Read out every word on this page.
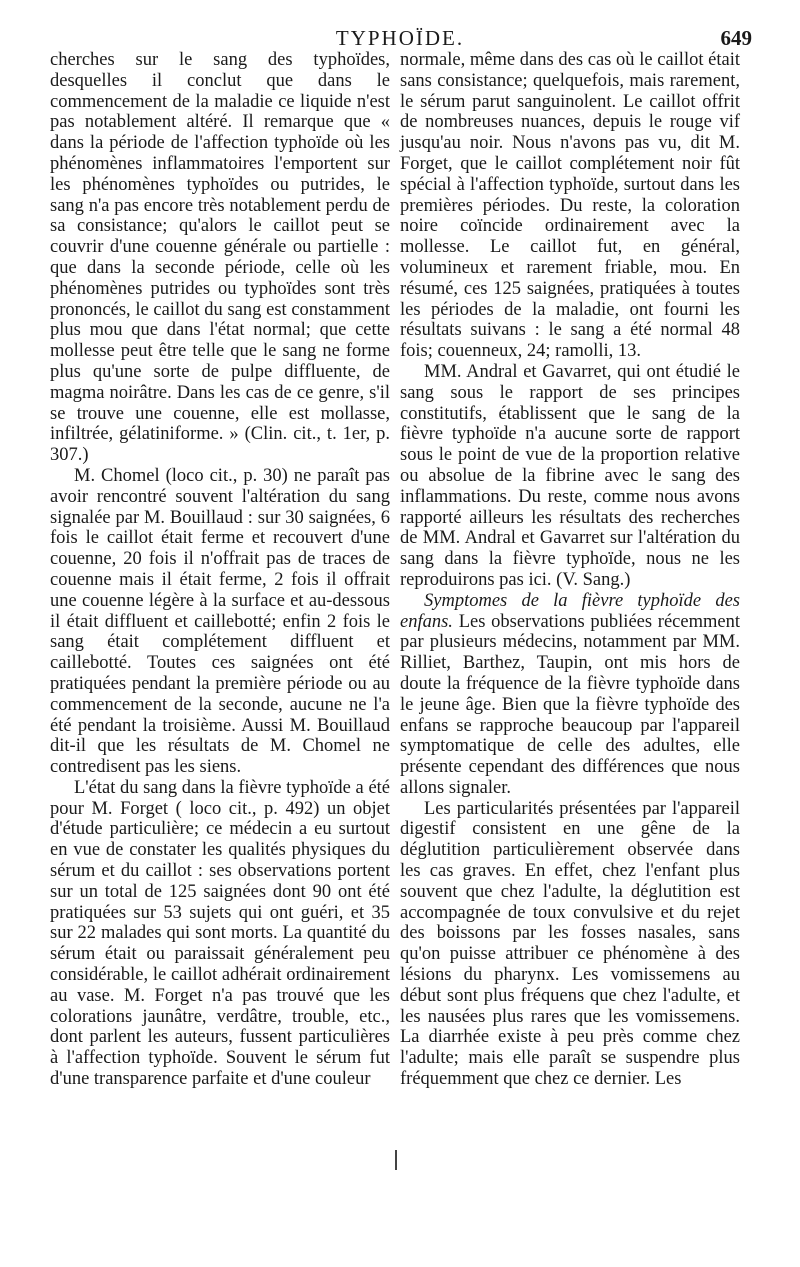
TYPHOÏDE.	649

cherches sur le sang des typhoïdes, desquelles il conclut que dans le commencement de la maladie ce liquide n'est pas notablement altéré. Il remarque que « dans la période de l'affection typhoïde où les phénomènes inflammatoires l'emportent sur les phénomènes typhoïdes ou putrides, le sang n'a pas encore très notablement perdu de sa consistance; qu'alors le caillot peut se couvrir d'une couenne générale ou partielle : que dans la seconde période, celle où les phénomènes putrides ou typhoïdes sont très prononcés, le caillot du sang est constamment plus mou que dans l'état normal; que cette mollesse peut être telle que le sang ne forme plus qu'une sorte de pulpe diffluente, de magma noirâtre. Dans les cas de ce genre, s'il se trouve une couenne, elle est mollasse, infiltrée, gélatiniforme. » (Clin. cit., t. 1er, p. 307.)

M. Chomel (loco cit., p. 30) ne paraît pas avoir rencontré souvent l'altération du sang signalée par M. Bouillaud : sur 30 saignées, 6 fois le caillot était ferme et recouvert d'une couenne, 20 fois il n'offrait pas de traces de couenne mais il était ferme, 2 fois il offrait une couenne légère à la surface et au-dessous il était diffluent et caillebotté; enfin 2 fois le sang était complétement diffluent et caillebotté. Toutes ces saignées ont été pratiquées pendant la première période ou au commencement de la seconde, aucune ne l'a été pendant la troisième. Aussi M. Bouillaud dit-il que les résultats de M. Chomel ne contredisent pas les siens.

L'état du sang dans la fièvre typhoïde a été pour M. Forget ( loco cit., p. 492) un objet d'étude particulière; ce médecin a eu surtout en vue de constater les qualités physiques du sérum et du caillot : ses observations portent sur un total de 125 saignées dont 90 ont été pratiquées sur 53 sujets qui ont guéri, et 35 sur 22 malades qui sont morts. La quantité du sérum était ou paraissait généralement peu considérable, le caillot adhérait ordinairement au vase. M. Forget n'a pas trouvé que les colorations jaunâtre, verdâtre, trouble, etc., dont parlent les auteurs, fussent particulières à l'affection typhoïde. Souvent le sérum fut d'une transparence parfaite et d'une couleur

normale, même dans des cas où le caillot était sans consistance; quelquefois, mais rarement, le sérum parut sanguinolent. Le caillot offrit de nombreuses nuances, depuis le rouge vif jusqu'au noir. Nous n'avons pas vu, dit M. Forget, que le caillot complétement noir fût spécial à l'affection typhoïde, surtout dans les premières périodes. Du reste, la coloration noire coïncide ordinairement avec la mollesse. Le caillot fut, en général, volumineux et rarement friable, mou. En résumé, ces 125 saignées, pratiquées à toutes les périodes de la maladie, ont fourni les résultats suivans : le sang a été normal 48 fois; couenneux, 24; ramolli, 13.

MM. Andral et Gavarret, qui ont étudié le sang sous le rapport de ses principes constitutifs, établissent que le sang de la fièvre typhoïde n'a aucune sorte de rapport sous le point de vue de la proportion relative ou absolue de la fibrine avec le sang des inflammations. Du reste, comme nous avons rapporté ailleurs les résultats des recherches de MM. Andral et Gavarret sur l'altération du sang dans la fièvre typhoïde, nous ne les reproduirons pas ici. (V. Sang.)

Symptomes de la fièvre typhoïde des enfans. Les observations publiées récemment par plusieurs médecins, notamment par MM. Rilliet, Barthez, Taupin, ont mis hors de doute la fréquence de la fièvre typhoïde dans le jeune âge. Bien que la fièvre typhoïde des enfans se rapproche beaucoup par l'appareil symptomatique de celle des adultes, elle présente cependant des différences que nous allons signaler.

Les particularités présentées par l'appareil digestif consistent en une gêne de la déglutition particulièrement observée dans les cas graves. En effet, chez l'enfant plus souvent que chez l'adulte, la déglutition est accompagnée de toux convulsive et du rejet des boissons par les fosses nasales, sans qu'on puisse attribuer ce phénomène à des lésions du pharynx. Les vomissemens au début sont plus fréquens que chez l'adulte, et les nausées plus rares que les vomissemens. La diarrhée existe à peu près comme chez l'adulte; mais elle paraît se suspendre plus fréquemment que chez ce dernier. Les
